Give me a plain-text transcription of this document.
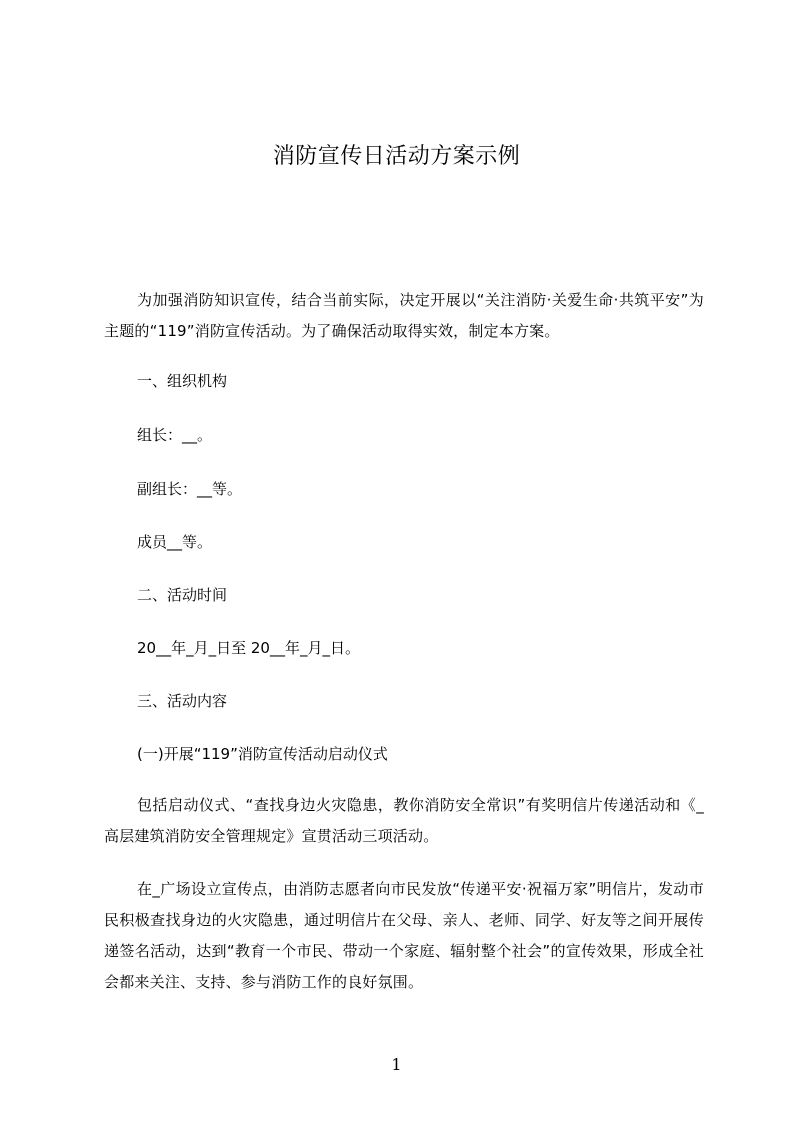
消防宣传日活动方案示例
为加强消防知识宣传，结合当前实际，决定开展以“关注消防·关爱生命·共筑平安”为主题的“119”消防宣传活动。为了确保活动取得实效，制定本方案。
一、组织机构
组长：__。
副组长：__等。
成员__等。
二、活动时间
20__年_月_日至 20__年_月_日。
三、活动内容
(一)开展“119”消防宣传活动启动仪式
包括启动仪式、“查找身边火灾隐患，教你消防安全常识”有奖明信片传递活动和《_高层建筑消防安全管理规定》宣贯活动三项活动。
在_广场设立宣传点，由消防志愿者向市民发放“传递平安·祝福万家”明信片，发动市民积极查找身边的火灾隐患，通过明信片在父母、亲人、老师、同学、好友等之间开展传递签名活动，达到“教育一个市民、带动一个家庭、辐射整个社会”的宣传效果，形成全社会都来关注、支持、参与消防工作的良好氛围。
1
